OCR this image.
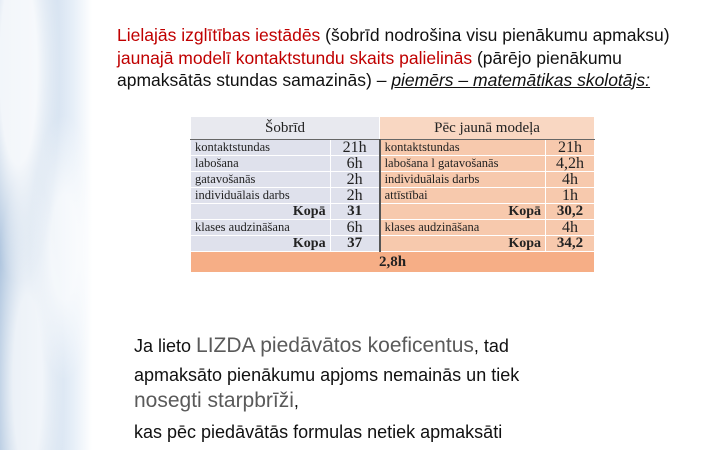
Lielajās izglītības iestādēs (šobrīd nodrošina visu pienākumu apmaksu) jaunajā modelī kontaktstundu skaits palielinās (pārējo pienākumu apmaksātās stundas samazinās) – piemērs – matemātikas skolotājs:

Šobrīd		Pēc jaunā modeļa	
kontaktstundas	21h	kontaktstundas	21h
labošana	6h	labošana l gatavošanās	4,2h
gatavošanās	2h	individuālais darbs	4h
individuālais darbs	2h	attīstībai	1h
Kopā	31	Kopā	30,2
klases audzināšana	6h	klases audzināšana	4h
Kopa	37	Kopa	34,2
2,8h			

Ja lieto LIZDA piedāvātos koeficentus, tad

apmaksāto pienākumu apjoms nemainās un tiek

nosegti starpbrīži,

kas pēc piedāvātās formulas netiek apmaksāti
